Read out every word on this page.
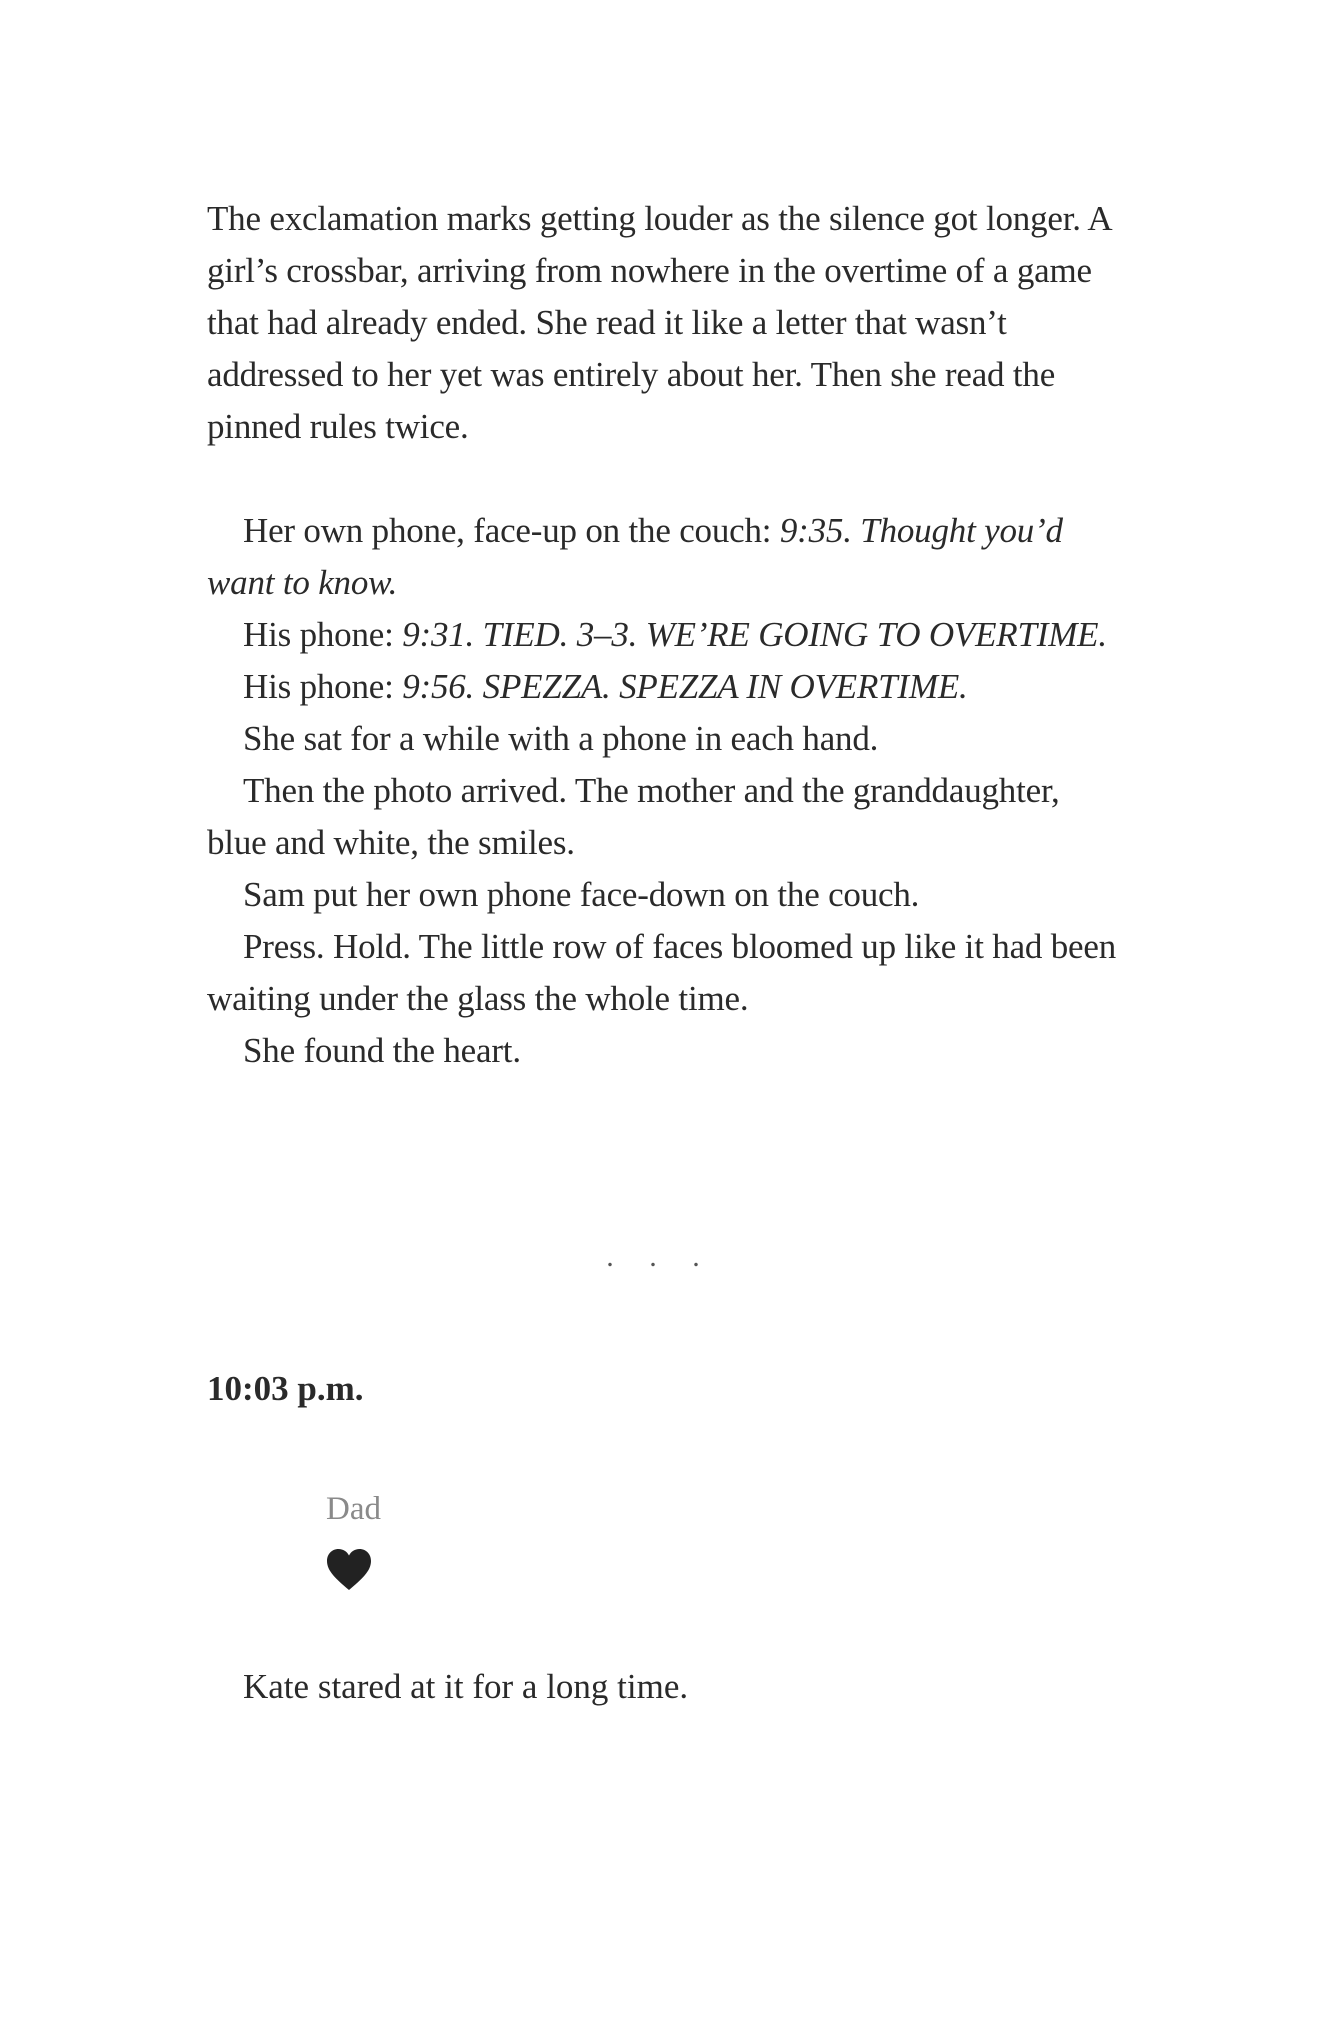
The exclamation marks getting louder as the silence got longer. A girl’s crossbar, arriving from nowhere in the overtime of a game that had already ended. She read it like a letter that wasn’t addressed to her yet was entirely about her. Then she read the pinned rules twice.

Her own phone, face-up on the couch: 9:35. Thought you’d want to know.

His phone: 9:31. TIED. 3–3. WE’RE GOING TO OVERTIME.

His phone: 9:56. SPEZZA. SPEZZA IN OVERTIME.

She sat for a while with a phone in each hand.

Then the photo arrived. The mother and the granddaughter, blue and white, the smiles.

Sam put her own phone face-down on the couch.

Press. Hold. The little row of faces bloomed up like it had been waiting under the glass the whole time.

She found the heart.

. . .
10:03 p.m.
Dad

Kate stared at it for a long time.
